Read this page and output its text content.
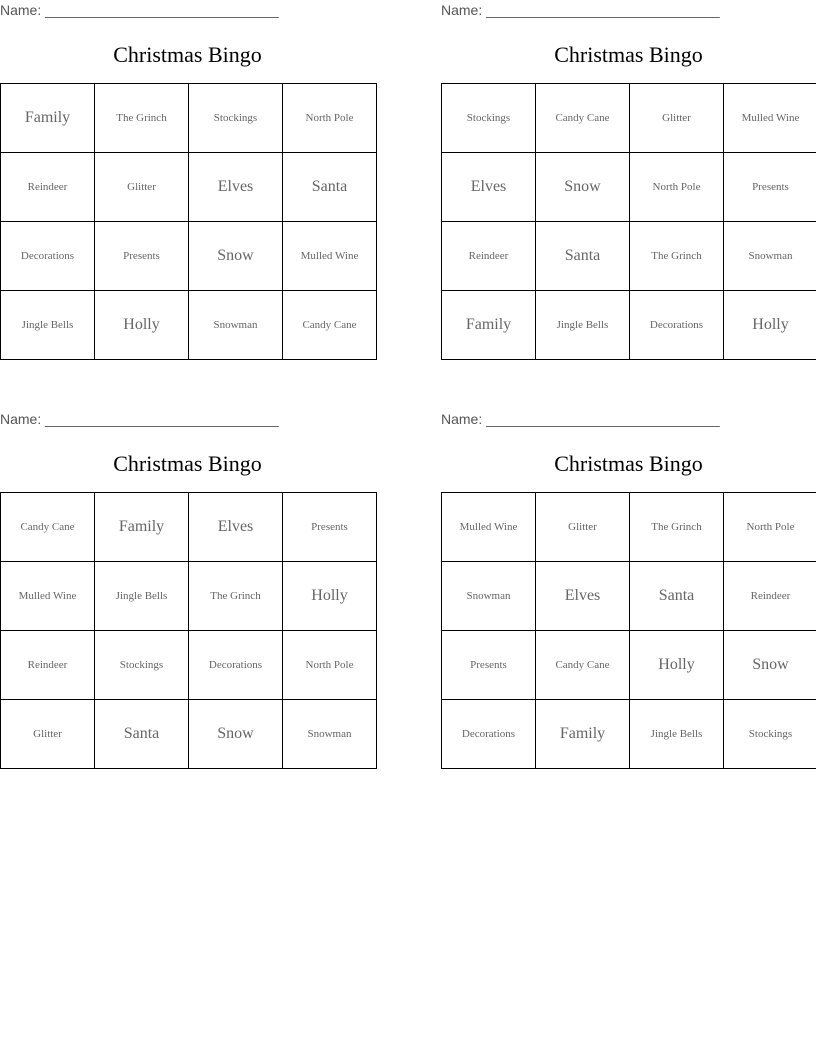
Name: ______________________________
Christmas Bingo
Family	The Grinch	Stockings	North Pole
Reindeer	Glitter	Elves	Santa
Decorations	Presents	Snow	Mulled Wine
Jingle Bells	Holly	Snowman	Candy Cane
Name: ______________________________
Christmas Bingo
Stockings	Candy Cane	Glitter	Mulled Wine
Elves	Snow	North Pole	Presents
Reindeer	Santa	The Grinch	Snowman
Family	Jingle Bells	Decorations	Holly
Name: ______________________________
Christmas Bingo
Candy Cane	Family	Elves	Presents
Mulled Wine	Jingle Bells	The Grinch	Holly
Reindeer	Stockings	Decorations	North Pole
Glitter	Santa	Snow	Snowman
Name: ______________________________
Christmas Bingo
Mulled Wine	Glitter	The Grinch	North Pole
Snowman	Elves	Santa	Reindeer
Presents	Candy Cane	Holly	Snow
Decorations	Family	Jingle Bells	Stockings
